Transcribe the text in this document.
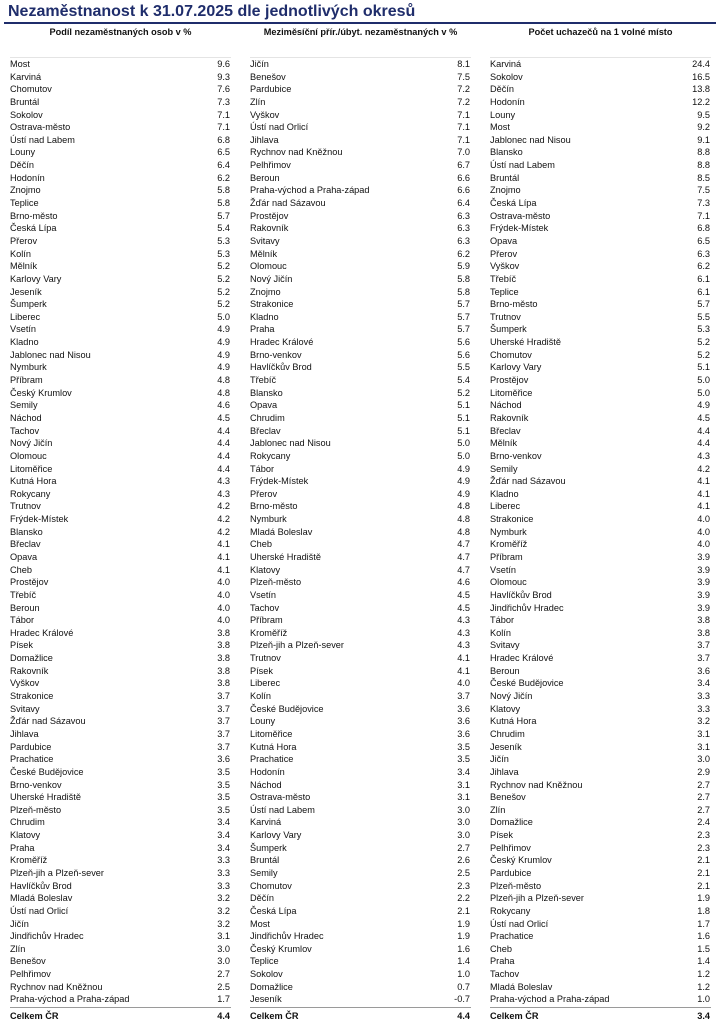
Nezaměstnanost k 31.07.2025 dle jednotlivých okresů
Podíl nezaměstnaných osob v %
Most	9.6
Karviná	9.3
Chomutov	7.6
Bruntál	7.3
Sokolov	7.1
Ostrava-město	7.1
Ústí nad Labem	6.8
Louny	6.5
Děčín	6.4
Hodonín	6.2
Znojmo	5.8
Teplice	5.8
Brno-město	5.7
Česká Lípa	5.4
Přerov	5.3
Kolín	5.3
Mělník	5.2
Karlovy Vary	5.2
Jeseník	5.2
Šumperk	5.2
Liberec	5.0
Vsetín	4.9
Kladno	4.9
Jablonec nad Nisou	4.9
Nymburk	4.9
Příbram	4.8
Český Krumlov	4.8
Semily	4.6
Náchod	4.5
Tachov	4.4
Nový Jičín	4.4
Olomouc	4.4
Litoměřice	4.4
Kutná Hora	4.3
Rokycany	4.3
Trutnov	4.2
Frýdek-Místek	4.2
Blansko	4.2
Břeclav	4.1
Opava	4.1
Cheb	4.1
Prostějov	4.0
Třebíč	4.0
Beroun	4.0
Tábor	4.0
Hradec Králové	3.8
Písek	3.8
Domažlice	3.8
Rakovník	3.8
Vyškov	3.8
Strakonice	3.7
Svitavy	3.7
Žďár nad Sázavou	3.7
Jihlava	3.7
Pardubice	3.7
Prachatice	3.6
České Budějovice	3.5
Brno-venkov	3.5
Uherské Hradiště	3.5
Plzeň-město	3.5
Chrudim	3.4
Klatovy	3.4
Praha	3.4
Kroměříž	3.3
Plzeň-jih a Plzeň-sever	3.3
Havlíčkův Brod	3.3
Mladá Boleslav	3.2
Ústí nad Orlicí	3.2
Jičín	3.2
Jindřichův Hradec	3.1
Zlín	3.0
Benešov	3.0
Pelhřimov	2.7
Rychnov nad Kněžnou	2.5
Praha-východ a Praha-západ	1.7
Celkem ČR	4.4
Meziměsíční přír./úbyt. nezaměstnaných v %
Jičín	8.1
Benešov	7.5
Pardubice	7.2
Zlín	7.2
Vyškov	7.1
Ústí nad Orlicí	7.1
Jihlava	7.1
Rychnov nad Kněžnou	7.0
Pelhřimov	6.7
Beroun	6.6
Praha-východ a Praha-západ	6.6
Žďár nad Sázavou	6.4
Prostějov	6.3
Rakovník	6.3
Svitavy	6.3
Mělník	6.2
Olomouc	5.9
Nový Jičín	5.8
Znojmo	5.8
Strakonice	5.7
Kladno	5.7
Praha	5.7
Hradec Králové	5.6
Brno-venkov	5.6
Havlíčkův Brod	5.5
Třebíč	5.4
Blansko	5.2
Opava	5.1
Chrudim	5.1
Břeclav	5.1
Jablonec nad Nisou	5.0
Rokycany	5.0
Tábor	4.9
Frýdek-Místek	4.9
Přerov	4.9
Brno-město	4.8
Nymburk	4.8
Mladá Boleslav	4.8
Cheb	4.7
Uherské Hradiště	4.7
Klatovy	4.7
Plzeň-město	4.6
Vsetín	4.5
Tachov	4.5
Příbram	4.3
Kroměříž	4.3
Plzeň-jih a Plzeň-sever	4.3
Trutnov	4.1
Písek	4.1
Liberec	4.0
Kolín	3.7
České Budějovice	3.6
Louny	3.6
Litoměřice	3.6
Kutná Hora	3.5
Prachatice	3.5
Hodonín	3.4
Náchod	3.1
Ostrava-město	3.1
Ústí nad Labem	3.0
Karviná	3.0
Karlovy Vary	3.0
Šumperk	2.7
Bruntál	2.6
Semily	2.5
Chomutov	2.3
Děčín	2.2
Česká Lípa	2.1
Most	1.9
Jindřichův Hradec	1.9
Český Krumlov	1.6
Teplice	1.4
Sokolov	1.0
Domažlice	0.7
Jeseník	-0.7
Celkem ČR	4.4
Počet uchazečů na 1 volné místo
Karviná	24.4
Sokolov	16.5
Děčín	13.8
Hodonín	12.2
Louny	9.5
Most	9.2
Jablonec nad Nisou	9.1
Blansko	8.8
Ústí nad Labem	8.8
Bruntál	8.5
Znojmo	7.5
Česká Lípa	7.3
Ostrava-město	7.1
Frýdek-Místek	6.8
Opava	6.5
Přerov	6.3
Vyškov	6.2
Třebíč	6.1
Teplice	6.1
Brno-město	5.7
Trutnov	5.5
Šumperk	5.3
Uherské Hradiště	5.2
Chomutov	5.2
Karlovy Vary	5.1
Prostějov	5.0
Litoměřice	5.0
Náchod	4.9
Rakovník	4.5
Břeclav	4.4
Mělník	4.4
Brno-venkov	4.3
Semily	4.2
Žďár nad Sázavou	4.1
Kladno	4.1
Liberec	4.1
Strakonice	4.0
Nymburk	4.0
Kroměříž	4.0
Příbram	3.9
Vsetín	3.9
Olomouc	3.9
Havlíčkův Brod	3.9
Jindřichův Hradec	3.9
Tábor	3.8
Kolín	3.8
Svitavy	3.7
Hradec Králové	3.7
Beroun	3.6
České Budějovice	3.4
Nový Jičín	3.3
Klatovy	3.3
Kutná Hora	3.2
Chrudim	3.1
Jeseník	3.1
Jičín	3.0
Jihlava	2.9
Rychnov nad Kněžnou	2.7
Benešov	2.7
Zlín	2.7
Domažlice	2.4
Písek	2.3
Pelhřimov	2.3
Český Krumlov	2.1
Pardubice	2.1
Plzeň-město	2.1
Plzeň-jih a Plzeň-sever	1.9
Rokycany	1.8
Ústí nad Orlicí	1.7
Prachatice	1.6
Cheb	1.5
Praha	1.4
Tachov	1.2
Mladá Boleslav	1.2
Praha-východ a Praha-západ	1.0
Celkem ČR	3.4
